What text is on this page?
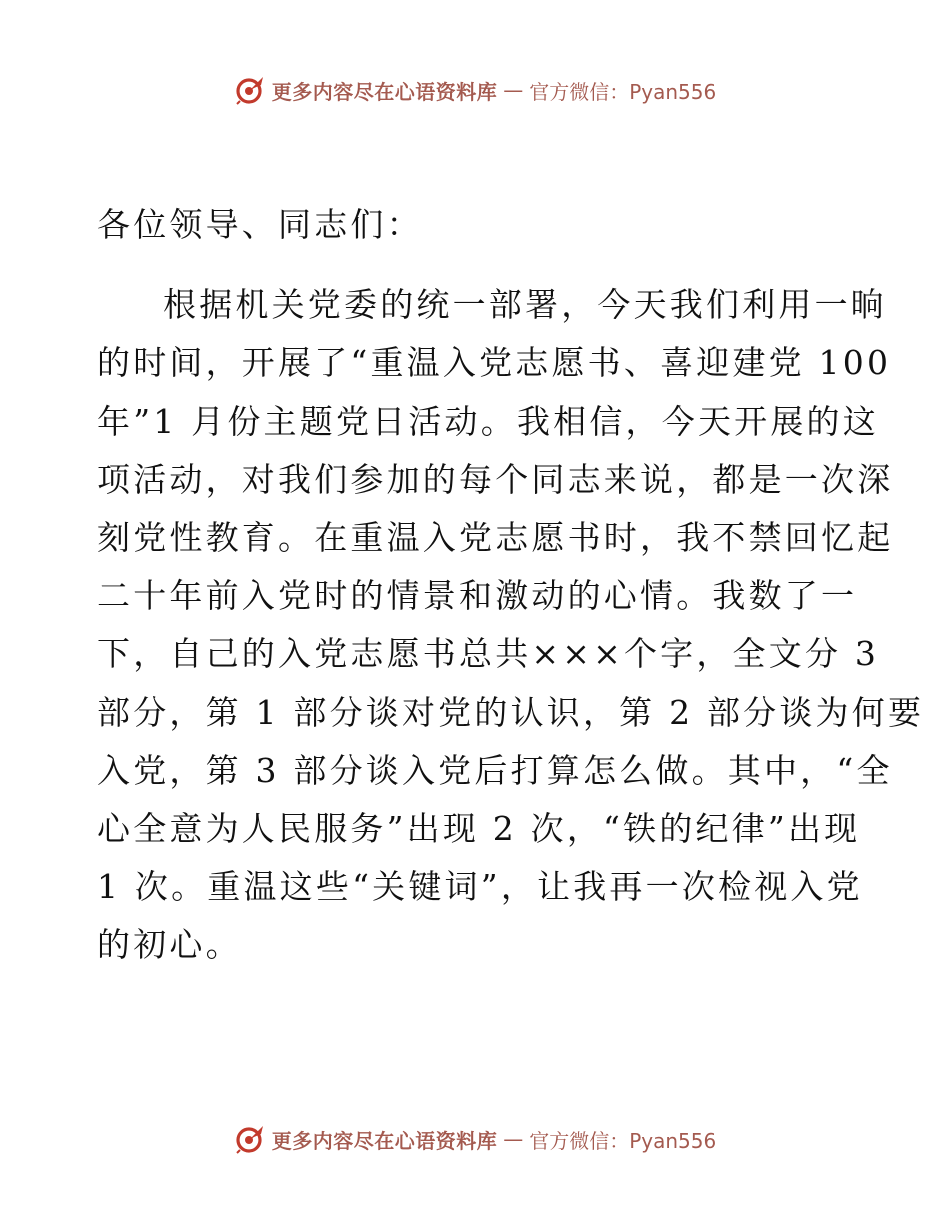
更多内容尽在心语资料库 — 官方微信：Pyan556
各位领导、同志们：
根据机关党委的统一部署，今天我们利用一晌
的时间，开展了“重温入党志愿书、喜迎建党 100
年”1 月份主题党日活动。我相信，今天开展的这
项活动，对我们参加的每个同志来说，都是一次深
刻党性教育。在重温入党志愿书时，我不禁回忆起
二十年前入党时的情景和激动的心情。我数了一
下，自己的入党志愿书总共×××个字，全文分 3
部分，第 1 部分谈对党的认识，第 2 部分谈为何要
入党，第 3 部分谈入党后打算怎么做。其中，“全
心全意为人民服务”出现 2 次，“铁的纪律”出现
1 次。重温这些“关键词”，让我再一次检视入党
的初心。
更多内容尽在心语资料库 — 官方微信：Pyan556
